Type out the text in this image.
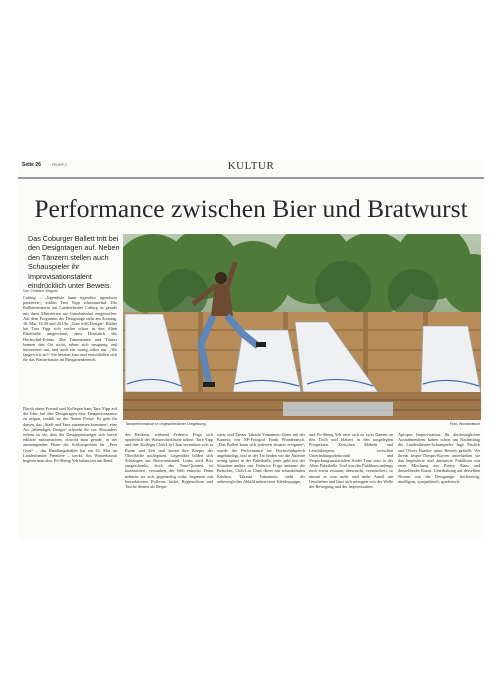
Seite 26	FEUHP-1	KULTUR
Performance zwischen Bier und Bratwurst
Das Coburger Ballett tritt bei den Designtagen auf. Neben den Tänzern stellen auch Schauspieler ihr Improvisationstalent eindrücklich unter Beweis.
Von Christine Wagner

Coburg – „Irgendwie kann irgendwo irgendwas passieren“, erklärt Tara Yipp schmunzelnd. Die Ballettmeisterin am Landestheater Coburg ist gerade mit ihren Ministerien am Güterbahnhof eingetroffen. Auf dem Programm der Designtage steht am Sonntag, 16. Mai, 16.30 und 20 Uhr „Tanz trifft Design“. Bisher hat Tara Yipp sich vorher schon in den Alten Pakethalle umgeschaut, dem Herzstück des Hochschul-Events. Die Tänzerinnen und Tänzer kennen den Ort nicht, sehen sich neugierig und interessiert um, und auch ein wenig ratlos um: „Wo fangen wir an?“ Sie beraten kurz und entschließen sich für das Wasserbassin im Biergartenbereich.

Durch einen Freund und Kollegen kam Tara Yipp auf die Idee, bei den Designtagen eine Tanzperformance zu zeigen, erzählt sie der Neuen Presse. Es geht ihr darum, das „Stadt und Tanz zusammen kommen“, eine Art „lebendiges Design“ schwebt ihr vor. Besonders erfreut ist sie, dass der Designpreisträger sich bereit erklärte mitzumachen, obwohl man gerade, in der anstrengenden Phase der Schlussproben für „Peer Gynt“ – das Handlungsballett hat am 23. Mai im Landestheater Premiere – steckt. Am Wasserbassin beginnt man also. Po-Sheng Yeh balanciert am Rand

Tanzperformance in ungewöhnlicher Umgebung.	Foto: Wunderatsch

des Beckens, während Federico Frigo sich spielerisch der Wasseroberfläche nähert. Tara Yipp und ihre Kollegin Chih-Lin Chan versenken sich in Raum und Zeit und lassen ihre Körper der Oberfläche nachspüren. Gegenüber bilden sich Schlangen am Bratwurststand. Links wird Bier ausgeschenkt, doch das Tanz-Quintett ist konzentriert, versunken, der Welt entrückt. Dann nehmen sie sich gegenseitig wahr, beginnen mit Interaktionen. Pullover, Jacke, Regenschirm und Tasche dienen als Requi-

siten, und Tänzer Takashi Yamamoto flirtet mit der Kamera von NP-Fotograf Frank Wunderatsch. „Das Ballett kann sich jederzeit situativ ereignen“, wurde die Performance im Hochschulsprech angekündigt, und in der Tat finden wir die Akteure wenig später in der Pakethalle, jeder geht mit der Situation anders um. Federico Frigo umtanzt die Besucher, Chih-Lin Chan flirtet mit schaukelnden Kindern, Takashi Yamamoto steht als unbewegliches Abbild neben einer Kleiderpuppe,

und Po-Sheng Yeh setzt sich zu zwei Damen an den Tisch und blättert in den ausgelegten Prospekten. Zwischen Möbeln und Leuchtkörpern, zwischen Unterhaltungselektronik und Verpackungsmaterialien findet Tanz statt in der Alten Pakethalle. Und war das Publikum anfangs noch etwas erstaunt, überrascht, verunsichert, so nimmt es nun mehr und mehr Anteil am Geschehen und lässt sich mitragen von der Welle der Bewegung und der Improvisation.

Apropos Improvisation: Ihr diesbezügliches Ausnahmetalent hatten schon am Nachmittag die Landestheater-Schauspieler Ingo Paulick und Oliver Baesler unter Beweis gestellt. Vor ihrem Impro-Thespis-Karren unterhielten sie das begeisterte und amüsierte Publikum mit einer Mischung aus Poetry Slam und darstellender Kunst. Unterhaltung auf derselben Niveau wie die Designtage: hochwertig, intelligent, sympathisch, spielerisch.
